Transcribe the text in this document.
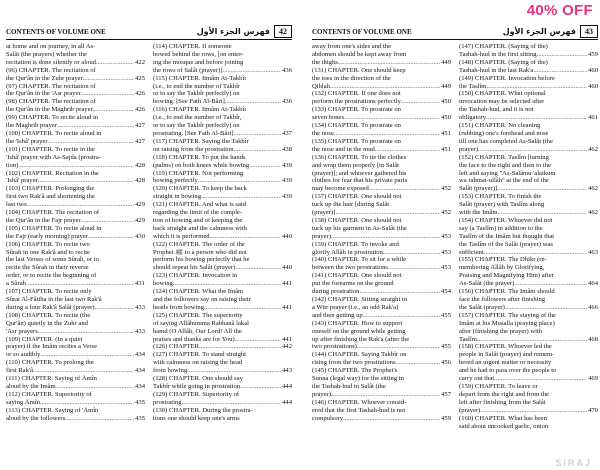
40% OFF
CONTENTS OF VOLUME ONE	فهرس الجزء الأول	42
at home and on journey, in all As-
Salât (the prayers) whether the
recitation is done silently or aloud. .....	422
(96) CHAPTER. The recitation of
the Qur'ân in the Zuhr prayer. .....	425
(97) CHAPTER. The recitation of
the Qur'ân in the 'Asr prayer. .....	426
(98) CHAPTER. The recitation of
the Qur'ân in the Maghrib prayer. .....	426
(99) CHAPTER. To recite aloud in
the Maghrib prayer .....	427
(100) CHAPTER. To recite aloud in
the 'Ishâ' prayer .....	427
(101) CHAPTER. To recite in the
'Ishâ' prayer with As-Sajda (prostra-
tion) .....	428
(102) CHAPTER. Recitation in the
'Ishâ' prayer .....	428
(103) CHAPTER. Prolonging the
first two Rak'â and shortening the
last two .....	429
(104) CHAPTER. The recitation of
the Qur'ân in the Fajr prayer. .....	429
(105) CHAPTER. To recite aloud in
the Fajr (early morning) prayer. .....	430
(106) CHAPTER. To recite two
Sûrah in one Rak'â and to recite
the last Verses of some Sûrah, or to
recite the Sûrah in their reverse
order, or to recite the beginning of
a Sûrah .....	431
(107) CHAPTER. To recite only
Sûrat Al-Fâtiha in the last two Rak'â
during a four Rak'â Salât (prayer). .....	433
(108) CHAPTER. To recite (the
Qur'ân) quietly in the Zuhr and
'Asr prayers .....	433
(109) CHAPTER. (In a quiet
prayer) if the Imâm recites a Verse
or so audibly .....	434
(110) CHAPTER. To prolong the
first Rak'â .....	434
(111) CHAPTER. Saying of Âmîn
aloud by the Imâm .....	434
(112) CHAPTER. Superiority of
saying Âmîn .....	435
(113) CHAPTER. Saying of 'Âmîn
aloud by the followers .....	435
(114) CHAPTER. If someone
bowed behind the rows, [on enter-
ing the mosque and before joining
the rows of Salât (prayer)] .....	436
(115) CHAPTER. Itmâm At-Takbîr
(i.e., to end the number of Takbîr
or to say the Takbîr perfectly) on
bowing. [See Fath Al-Bâri] .....	436
(116) CHAPTER. Itmâm At-Takbîr
(i.e., to end the number of Takbîr,
or to say the Takbîr perfectly) on
prostrating. [See Fath Al-Bâri] .....	437
(117) CHAPTER. Saying the Takbîr
on raising from the prostration. .....	438
(118) CHAPTER. To put the hands
(palms) on both knees while bowing. .....	439
(119) CHAPTER. Not performing
bowing perfectly .....	439
(120) CHAPTER. To keep the back
straight in bowing .....	439
(121) CHAPTER. And what is said
regarding the limit of the comple-
tion of bowing and of keeping the
back straight and the calmness with
which it is performed .....	440
(122) CHAPTER. The order of the
Prophet ﷺ to a person who did not
perform his bowing perfectly that he
should repeat his Salât (prayer). .....	440
(123) CHAPTER. Invocation in
bowing .....	441
(124) CHAPTER. What the Imâm
and the followers say on raising their
heads from bowing .....	441
(125) CHAPTER. The superiority
of saying Allâhumma Rabbanâ lakal
hamd (O Allâh, Our Lord! All the
praises and thanks are for You) .....	441
(126) CHAPTER .....	442
(127) CHAPTER. To stand straight
with calmness on raising the head
from bowing .....	443
(128) CHAPTER. One should say
Takbîr while going in prostration .....	444
(129) CHAPTER. Superiority of
prostrating .....	444
(130) CHAPTER. During the prostra-
tions one should keep one's arms
CONTENTS OF VOLUME ONE	فهرس الجزء الأول	43
away from one's sides and the
abdomen should be kept away from
the thighs .....	449
(131) CHAPTER. One should keep
the toes in the direction of the
Qiblah .....	449
(132) CHAPTER. If one does not
perform the prostrations perfectly. .....	450
(133) CHAPTER. To prostrate on
seven bones .....	450
(134) CHAPTER. To prostrate on
the nose .....	451
(135) CHAPTER. To prostrate on
the nose and in the mud .....	451
(136) CHAPTER. To tie the clothes
and wrap them properly [in Salât
(prayer)]; and whoever gathered his
clothes for fear that his private parts
may become exposed .....	452
(137) CHAPTER. One should not
tuck up the hair [during Salât
(prayer)] .....	452
(138) CHAPTER. One should not
tuck up his garment in As-Salât (the
prayer) .....	453
(139) CHAPTER. To invoke and
glorify Allâh in prostration .....	453
(140) CHAPTER. To sit for a while
between the two prostrations .....	453
(141) CHAPTER. One should not
put the forearms on the ground
during prostration .....	454
(142) CHAPTER. Sitting straight in
a Witr prayer (i.e., an odd Rak'a)
and then getting up .....	455
(143) CHAPTER. How to support
oneself on the ground while getting
up after finishing the Rak'a (after the
two prostrations) .....	455
(144) CHAPTER. Saying Takbîr on
rising from the two prostrations. .....	456
(145) CHAPTER. The Prophet's
Sunna (legal way) for the sitting in
the Tashah-hud in Salât (the
prayer) .....	457
(146) CHAPTER. Whoever consid-
ered that the first Tashah-hud is not
compulsory .....	459
(147) CHAPTER. (Saying of the)
Tashah-hud in the first sitting. .....	459
(148) CHAPTER. (Saying of the)
Tashah-hud in the last Rak'a .....	460
(149) CHAPTER. Invocation before
the Taslîm .....	460
(150) CHAPTER. What optional
invocation may be selected after
the Tashah-hud, and it is not
obligatory .....	461
(151) CHAPTER. No cleaning
(rubbing) one's forehead and nose
till one has completed As-Salât (the
prayer) .....	462
(152) CHAPTER. Taslîm [turning
the face to the right and then to the
left and saying "As-Salâmu 'alaikum
wa rahmat-ullâh" at the end of the
Salât (prayer)] .....	462
(153) CHAPTER. To finish the
Salât (prayer) with Taslîm along
with the Imâm .....	462
(154) CHAPTER. Whoever did not
say (a Taslîm) in addition to the
Taslîm of the Imâm but thought that
the Taslîm of the Salât (prayer) was
sufficient .....	463
(155) CHAPTER. The Dhikr (re-
membering Allâh by Glorifying,
Praising and Magnifying Him) after
As-Salât (the prayer) .....	464
(156) CHAPTER. The Imâm should
face the followers after finishing
the Salât (prayer) .....	466
(157) CHAPTER. The staying of the
Imâm at his Musalla (praying place)
after (finishing the prayer) with
Taslîm .....	468
(158) CHAPTER. Whoever led the
people in Salât (prayer) and remem-
bered an urgent matter or necessity
and he had to pass over the people to
carry out that .....	469
(159) CHAPTER. To leave or
depart from the right and from the
left after finishing from the Salât
(prayer) .....	470
(160) CHAPTER. What has been
said about uncooked garlic, onion
SIRAJ
